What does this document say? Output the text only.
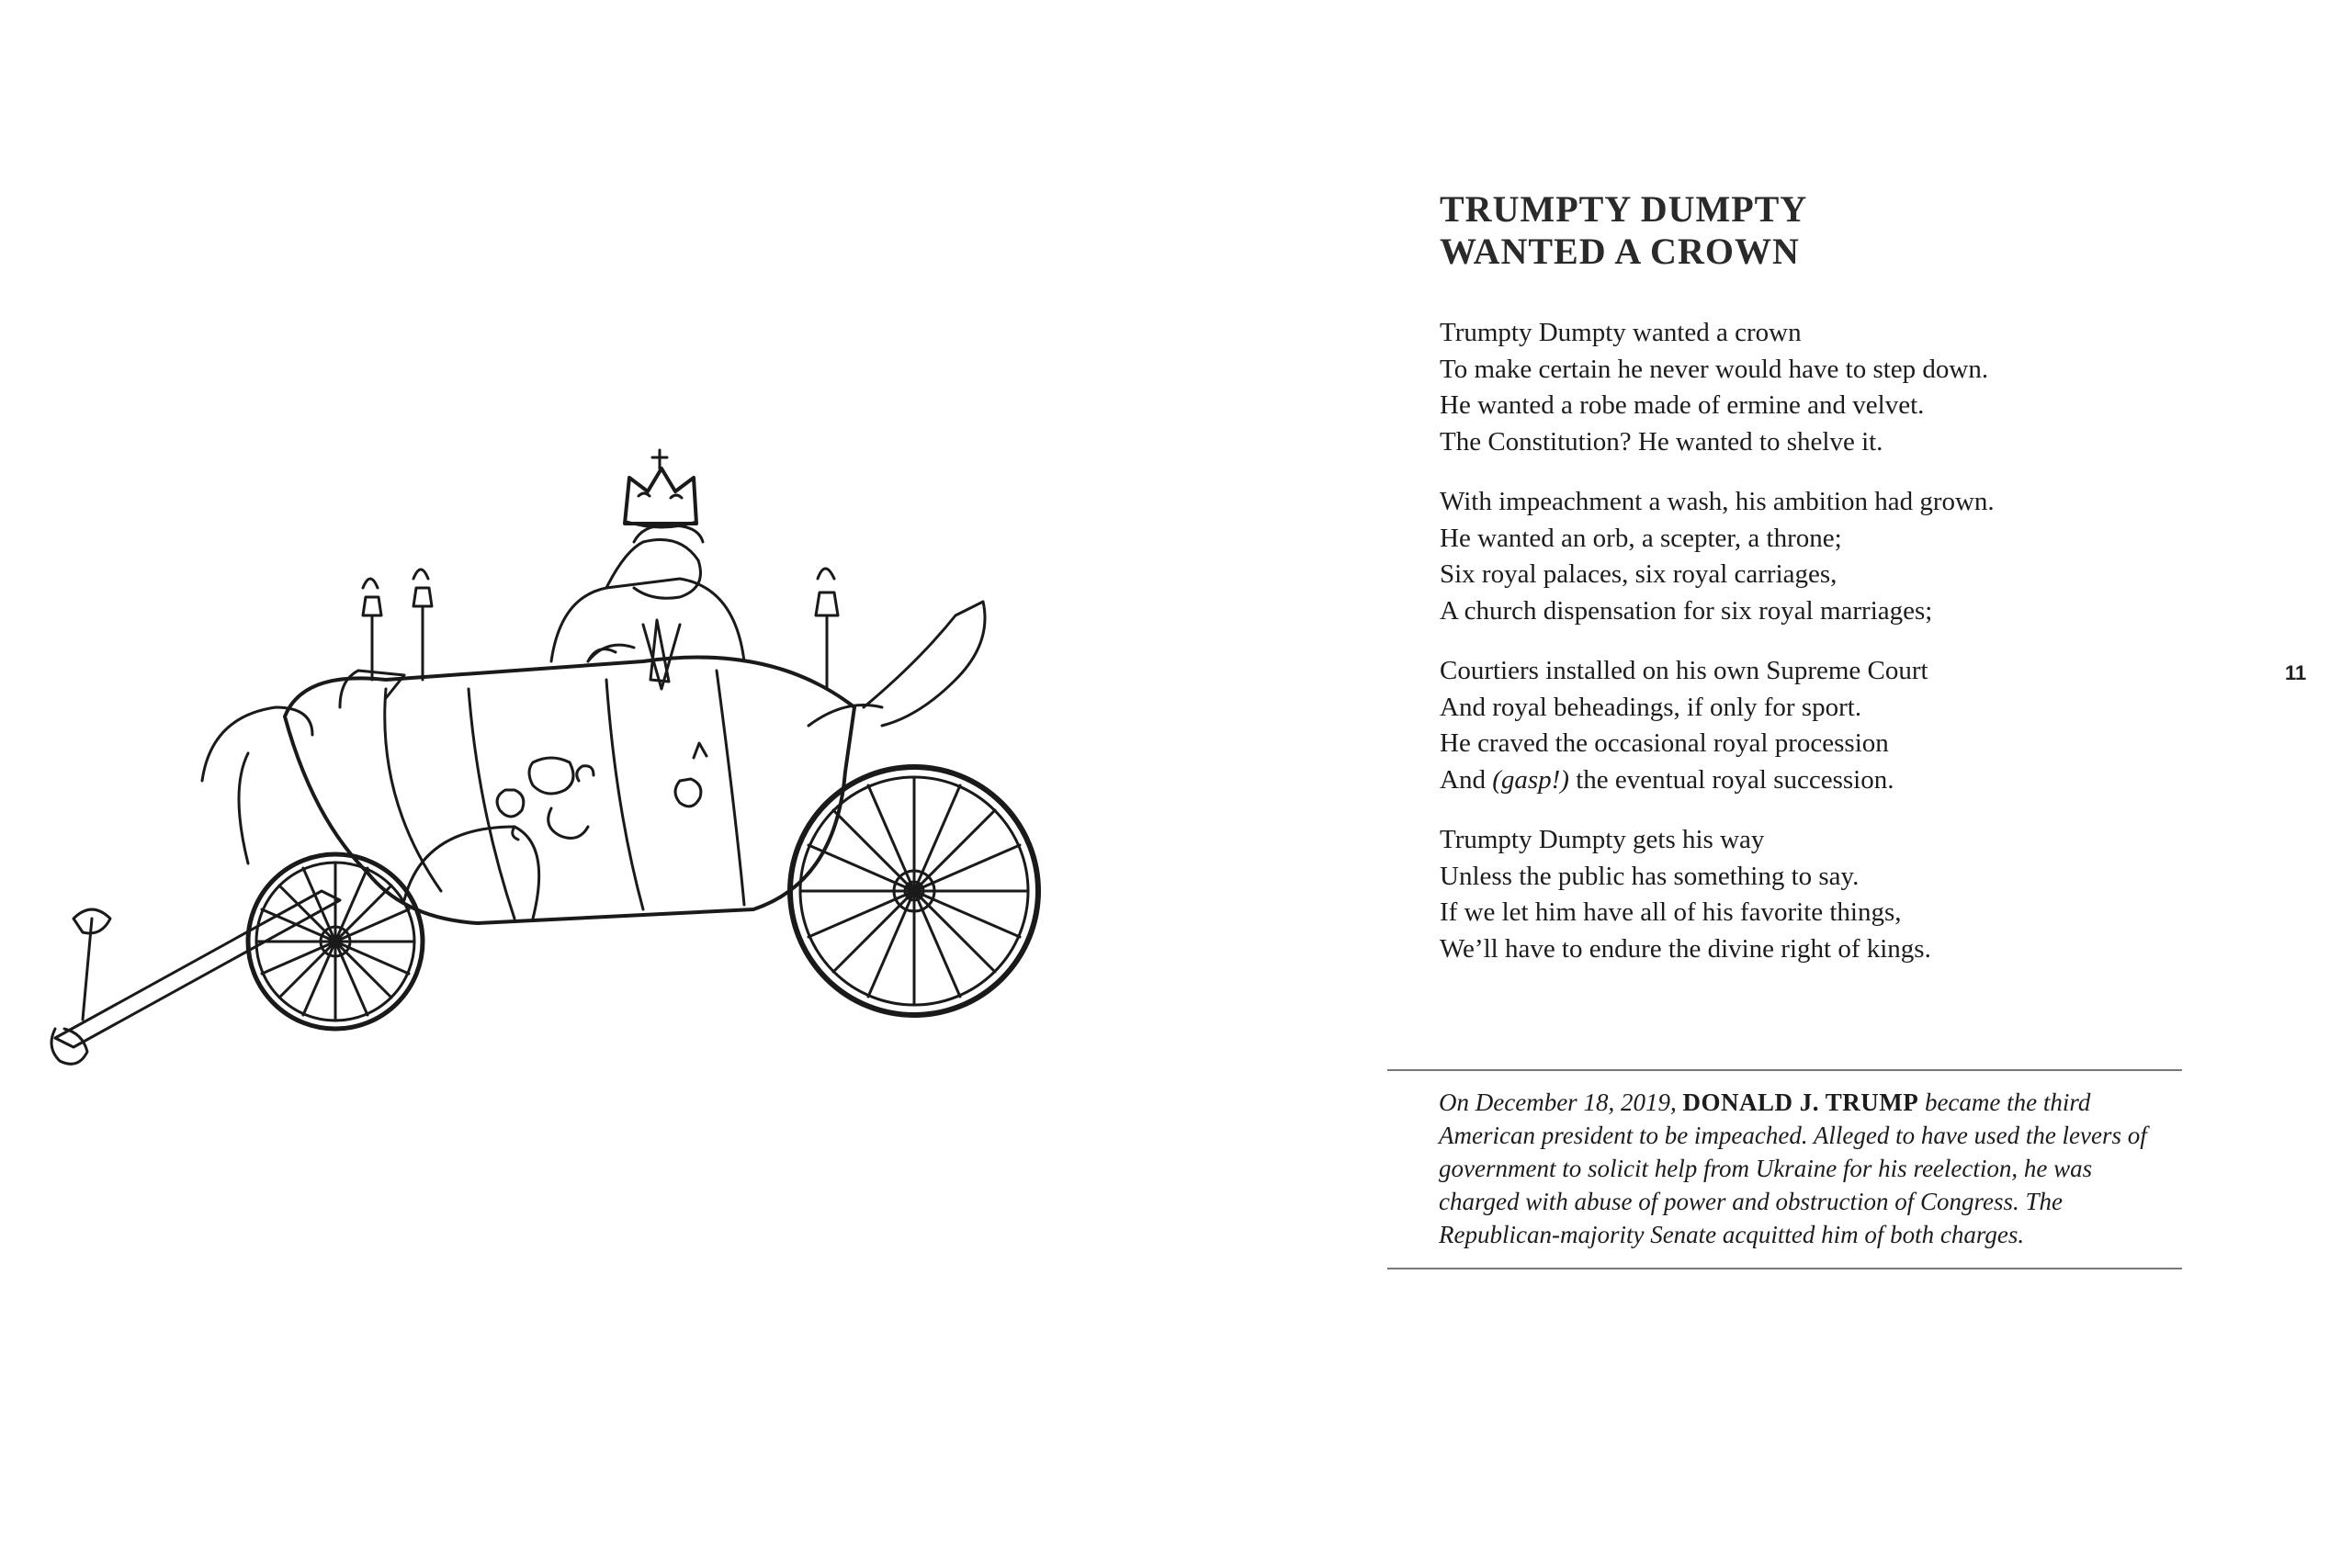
TRUMPTY DUMPTY
WANTED A CROWN
Trumpty Dumpty wanted a crown
To make certain he never would have to step down.
He wanted a robe made of ermine and velvet.
The Constitution? He wanted to shelve it.
With impeachment a wash, his ambition had grown.
He wanted an orb, a scepter, a throne;
Six royal palaces, six royal carriages,
A church dispensation for six royal marriages;
Courtiers installed on his own Supreme Court
And royal beheadings, if only for sport.
He craved the occasional royal procession
And (gasp!) the eventual royal succession.
Trumpty Dumpty gets his way
Unless the public has something to say.
If we let him have all of his favorite things,
We’ll have to endure the divine right of kings.
11

On December 18, 2019, DONALD J. TRUMP became the third American president to be impeached. Alleged to have used the levers of government to solicit help from Ukraine for his reelection, he was charged with abuse of power and obstruction of Congress. The Republican-majority Senate acquitted him of both charges.
